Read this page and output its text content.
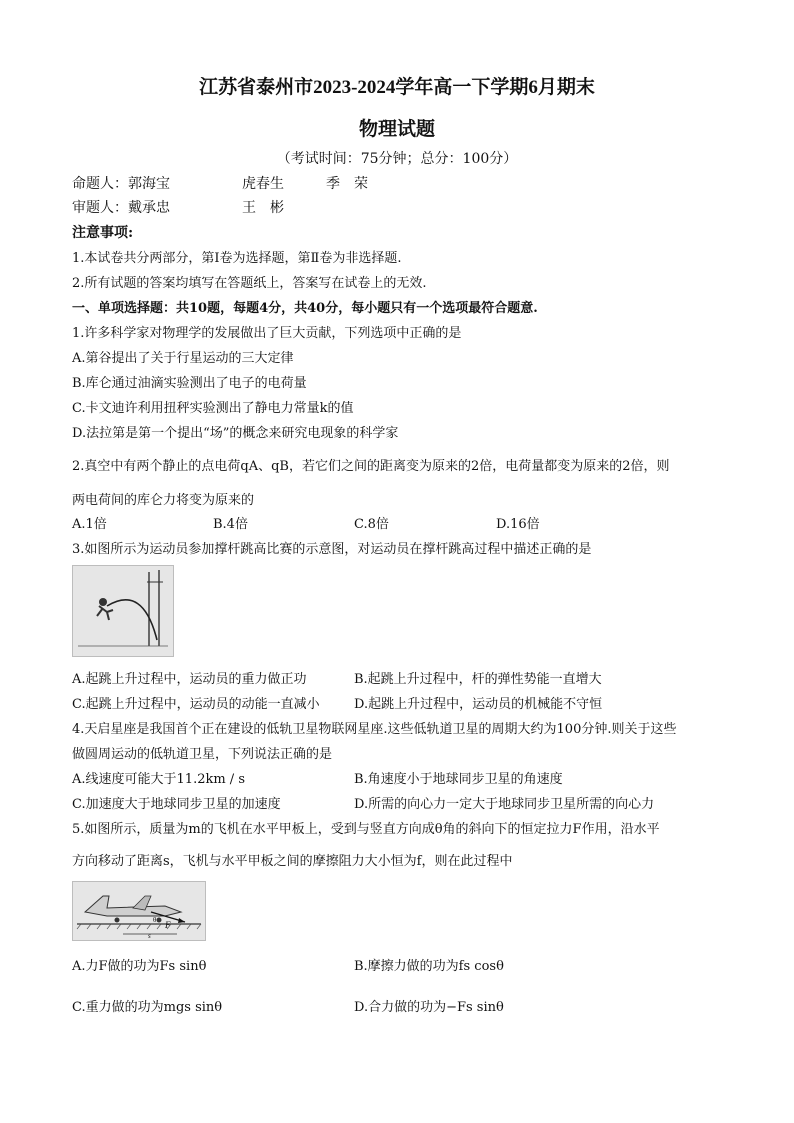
江苏省泰州市2023-2024学年高一下学期6月期末
物理试题
（考试时间：75分钟；总分：100分）
命题人：郭海宝	虎春生	季　荣
审题人：戴承忠	王　彬
注意事项:
1.本试卷共分两部分，第Ⅰ卷为选择题，第Ⅱ卷为非选择题.
2.所有试题的答案均填写在答题纸上，答案写在试卷上的无效.
一、单项选择题：共10题，每题4分，共40分，每小题只有一个选项最符合题意.
1.许多科学家对物理学的发展做出了巨大贡献，下列选项中正确的是
A.第谷提出了关于行星运动的三大定律
B.库仑通过油滴实验测出了电子的电荷量
C.卡文迪许利用扭秤实验测出了静电力常量k的值
D.法拉第是第一个提出“场”的概念来研究电现象的科学家
2.真空中有两个静止的点电荷qA、qB，若它们之间的距离变为原来的2倍，电荷量都变为原来的2倍，则
两电荷间的库仑力将变为原来的
A.1倍	B.4倍	C.8倍	D.16倍
3.如图所示为运动员参加撑杆跳高比赛的示意图，对运动员在撑杆跳高过程中描述正确的是
A.起跳上升过程中，运动员的重力做正功	B.起跳上升过程中，杆的弹性势能一直增大
C.起跳上升过程中，运动员的动能一直减小	D.起跳上升过程中，运动员的机械能不守恒
4.天启星座是我国首个正在建设的低轨卫星物联网星座.这些低轨道卫星的周期大约为100分钟.则关于这些
做圆周运动的低轨道卫星，下列说法正确的是
A.线速度可能大于11.2km / s	B.角速度小于地球同步卫星的角速度
C.加速度大于地球同步卫星的加速度	D.所需的向心力一定大于地球同步卫星所需的向心力
5.如图所示，质量为m的飞机在水平甲板上，受到与竖直方向成θ角的斜向下的恒定拉力F作用，沿水平
方向移动了距离s，飞机与水平甲板之间的摩擦阻力大小恒为f，则在此过程中
F
θ
s
A.力F做的功为Fs sinθ	B.摩擦力做的功为fs cosθ
C.重力做的功为mgs sinθ	D.合力做的功为−Fs sinθ
